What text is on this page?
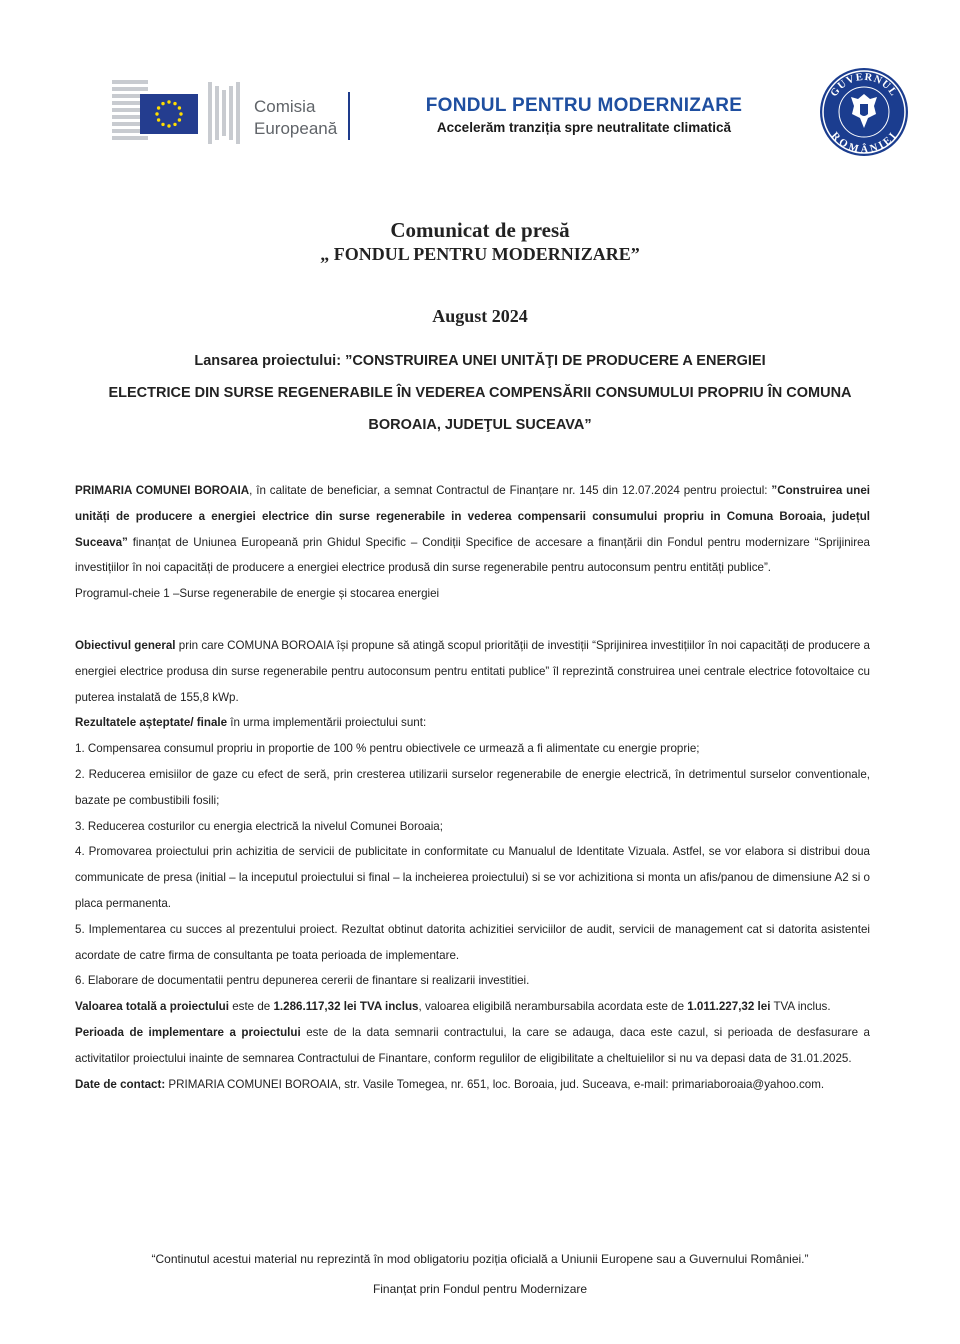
Comisia
Europeană
FONDUL PENTRU MODERNIZARE
Accelerăm tranziția spre neutralitate climatică
GUVERNUL
ROMÂNIEI
Comunicat de presă
„ FONDUL PENTRU MODERNIZARE”
August 2024
Lansarea proiectului: ”CONSTRUIREA UNEI UNITĂŢI DE PRODUCERE A ENERGIEI
ELECTRICE DIN SURSE REGENERABILE ÎN VEDEREA COMPENSĂRII CONSUMULUI PROPRIU ÎN COMUNA
BOROAIA, JUDEŢUL SUCEAVA”

PRIMARIA COMUNEI BOROAIA, în calitate de beneficiar, a semnat Contractul de Finanțare nr. 145 din 12.07.2024 pentru proiectul: ”Construirea unei unități de producere a energiei electrice din surse regenerabile in vederea compensarii consumului propriu in Comuna Boroaia, județul Suceava” finanțat de Uniunea Europeană prin Ghidul Specific – Condiții Specifice de accesare a finanțării din Fondul pentru modernizare “Sprijinirea investițiilor în noi capacități de producere a energiei electrice produsă din surse regenerabile pentru autoconsum pentru entități publice”.

Programul-cheie 1 –Surse regenerabile de energie și stocarea energiei

Obiectivul general prin care COMUNA BOROAIA își propune să atingă scopul priorității de investiții “Sprijinirea investițiilor în noi capacități de producere a energiei electrice produsa din surse regenerabile pentru autoconsum pentru entitati publice” îl reprezintă construirea unei centrale electrice fotovoltaice cu puterea instalată de 155,8 kWp.

Rezultatele așteptate/ finale în urma implementării proiectului sunt:

1. Compensarea consumul propriu in proportie de 100 % pentru obiectivele ce urmează a fi alimentate cu energie proprie;

2. Reducerea emisiilor de gaze cu efect de seră, prin cresterea utilizarii surselor regenerabile de energie electrică, în detrimentul surselor conventionale, bazate pe combustibili fosili;

3. Reducerea costurilor cu energia electrică la nivelul Comunei Boroaia;

4. Promovarea proiectului prin achizitia de servicii de publicitate in conformitate cu Manualul de Identitate Vizuala. Astfel, se vor elabora si distribui doua communicate de presa (initial – la inceputul proiectului si final – la incheierea proiectului) si se vor achizitiona si monta un afis/panou de dimensiune A2 si o placa permanenta.

5. Implementarea cu succes al prezentului proiect. Rezultat obtinut datorita achizitiei serviciilor de audit, servicii de management cat si datorita asistentei acordate de catre firma de consultanta pe toata perioada de implementare.

6. Elaborare de documentatii pentru depunerea cererii de finantare si realizarii investitiei.

Valoarea totală a proiectului este de 1.286.117,32 lei TVA inclus, valoarea eligibilă nerambursabila acordata este de 1.011.227,32 lei TVA inclus.

Perioada de implementare a proiectului este de la data semnarii contractului, la care se adauga, daca este cazul, si perioada de desfasurare a activitatilor proiectului inainte de semnarea Contractului de Finantare, conform regulilor de eligibilitate a cheltuielilor si nu va depasi data de 31.01.2025.

Date de contact: PRIMARIA COMUNEI BOROAIA, str. Vasile Tomegea, nr. 651, loc. Boroaia, jud. Suceava, e-mail: primariaboroaia@yahoo.com.

“Continutul acestui material nu reprezintă în mod obligatoriu poziția oficială a Uniunii Europene sau a Guvernului României.”
Finanțat prin Fondul pentru Modernizare
